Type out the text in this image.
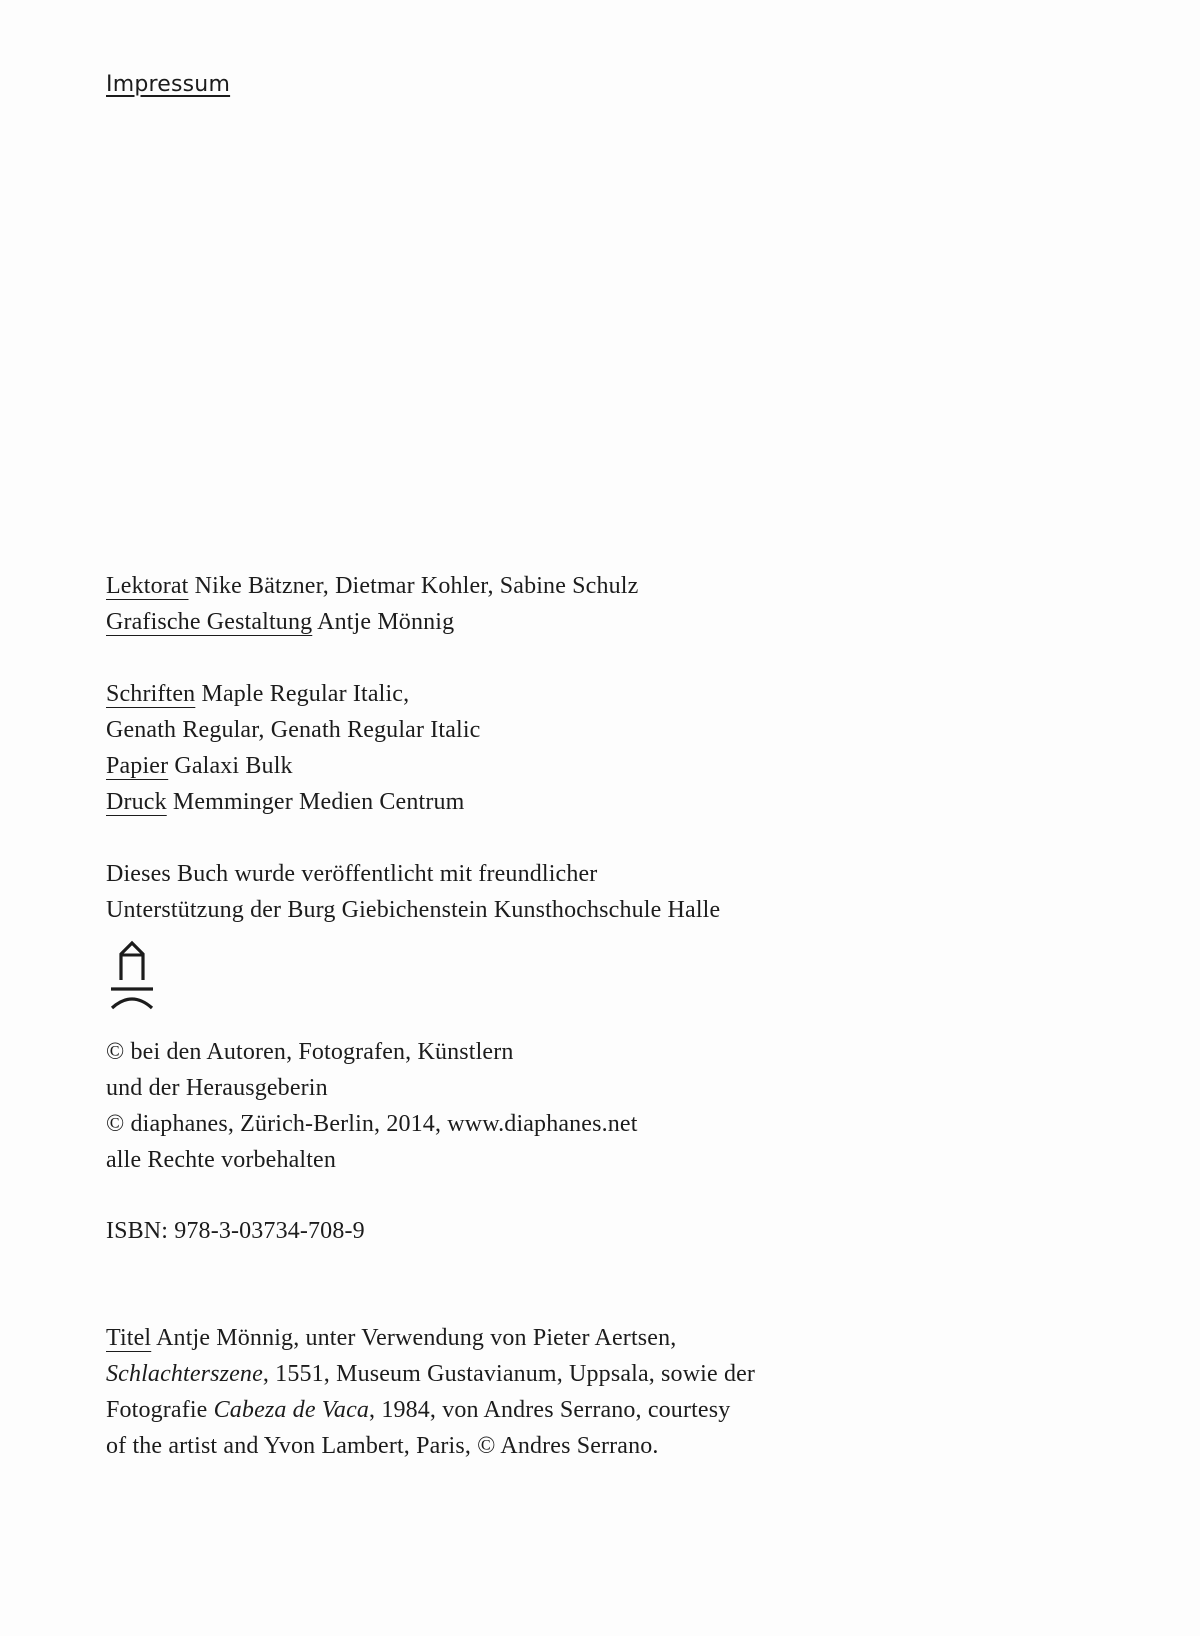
Impressum
Lektorat Nike Bätzner, Dietmar Kohler, Sabine Schulz
Grafische Gestaltung Antje Mönnig
Schriften Maple Regular Italic,
Genath Regular, Genath Regular Italic
Papier Galaxi Bulk
Druck Memminger Medien Centrum
Dieses Buch wurde veröffentlicht mit freundlicher
Unterstützung der Burg Giebichenstein Kunsthochschule Halle
© bei den Autoren, Fotografen, Künstlern
und der Herausgeberin
© diaphanes, Zürich-Berlin, 2014, www.diaphanes.net
alle Rechte vorbehalten
ISBN: 978-3-03734-708-9
Titel Antje Mönnig, unter Verwendung von Pieter Aertsen,
Schlachterszene, 1551, Museum Gustavianum, Uppsala, sowie der
Fotografie Cabeza de Vaca, 1984, von Andres Serrano, courtesy
of the artist and Yvon Lambert, Paris, © Andres Serrano.
